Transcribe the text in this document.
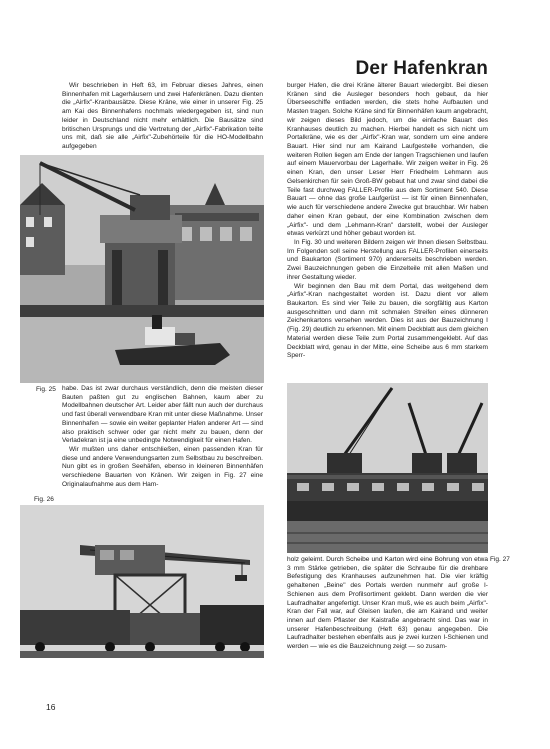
Der Hafenkran

Wir beschrieben in Heft 63, im Februar dieses Jahres, einen Binnenhafen mit Lagerhäusern und zwei Hafenkränen. Dazu dienten die „Airfix"-Kranbausätze. Diese Kräne, wie einer in unserer Fig. 25 am Kai des Binnenhafens nochmals wiedergegeben ist, sind nun leider in Deutschland nicht mehr erhältlich. Die Bausätze sind britischen Ursprungs und die Vertretung der „Airfix"-Fabrikation teilte uns mit, daß sie alle „Airfix"-Zubehörteile für die HO-Modellbahn aufgegeben

Fig. 25
Fig. 26

habe. Das ist zwar durchaus verständlich, denn die meisten dieser Bauten paßten gut zu englischen Bahnen, kaum aber zu Modellbahnen deutscher Art. Leider aber fällt nun auch der durchaus und fast überall verwendbare Kran mit unter diese Maßnahme. Unser Binnenhafen — sowie ein weiter geplanter Hafen anderer Art — sind also praktisch schwer oder gar nicht mehr zu bauen, denn der Verladekran ist ja eine unbedingte Notwendigkeit für einen Hafen.

Wir mußten uns daher entschließen, einen passenden Kran für diese und andere Verwendungsarten zum Selbstbau zu beschreiben. Nun gibt es in großen Seehäfen, ebenso in kleineren Binnenhäfen verschiedene Bauarten von Kränen. Wir zeigen in Fig. 27 eine Originalaufnahme aus dem Ham-

burger Hafen, die drei Kräne älterer Bauart wiedergibt. Bei diesen Kränen sind die Ausleger besonders hoch gebaut, da hier Überseeschiffe entladen werden, die stets hohe Aufbauten und Masten tragen. Solche Kräne sind für Binnenhäfen kaum angebracht, wir zeigen dieses Bild jedoch, um die einfache Bauart des Kranhauses deutlich zu machen. Hierbei handelt es sich nicht um Portalkräne, wie es der „Airfix"-Kran war, sondern um eine andere Bauart. Hier sind nur am Kairand Laufgestelle vorhanden, die weiteren Rollen liegen am Ende der langen Tragschienen und laufen auf einem Mauervorbau der Lagerhalle. Wir zeigen weiter in Fig. 26 einen Kran, den unser Leser Herr Friedhelm Lehmann aus Gelsenkirchen für sein Groß-BW gebaut hat und zwar sind dabei die Teile fast durchweg FALLER-Profile aus dem Sortiment 540. Diese Bauart — ohne das große Laufgerüst — ist für einen Binnenhafen, wie auch für verschiedene andere Zwecke gut brauchbar. Wir haben daher einen Kran gebaut, der eine Kombination zwischen dem „Airfix"- und dem „Lehmann-Kran" darstellt, wobei der Ausleger etwas verkürzt und höher gebaut worden ist.

In Fig. 30 und weiteren Bildern zeigen wir Ihnen diesen Selbstbau. Im Folgenden soll seine Herstellung aus FALLER-Profilen einerseits und Baukarton (Sortiment 970) andererseits beschrieben werden. Zwei Bauzeichnungen geben die Einzelteile mit allen Maßen und ihrer Gestaltung wieder.

Wir beginnen den Bau mit dem Portal, das weitgehend dem „Airfix"-Kran nachgestaltet worden ist. Dazu dient vor allem Baukarton. Es sind vier Teile zu bauen, die sorgfältig aus Karton ausgeschnitten und dann mit schmalen Streifen eines dünneren Zeichenkartons versehen werden. Dies ist aus der Bauzeichnung I (Fig. 29) deutlich zu erkennen. Mit einem Deckblatt aus dem gleichen Material werden diese Teile zum Portal zusammengeklebt. Auf das Deckblatt wird, genau in der Mitte, eine Scheibe aus 6 mm starkem Sperr-

Fig. 27

holz geleimt. Durch Scheibe und Karton wird eine Bohrung von etwa 3 mm Stärke getrieben, die später die Schraube für die drehbare Befestigung des Kranhauses aufzunehmen hat. Die vier kräftig gehaltenen „Beine" des Portals werden nunmehr auf große I-Schienen aus dem Profilsortiment geklebt. Dann werden die vier Laufradhalter angefertigt. Unser Kran muß, wie es auch beim „Airfix"-Kran der Fall war, auf Gleisen laufen, die am Kairand und weiter innen auf dem Pflaster der Kaistraße angebracht sind. Das war in unserer Hafenbeschreibung (Heft 63) genau angegeben. Die Laufradhalter bestehen ebenfalls aus je zwei kurzen I-Schienen und werden — wie es die Bauzeichnung zeigt — so zusam-

16
